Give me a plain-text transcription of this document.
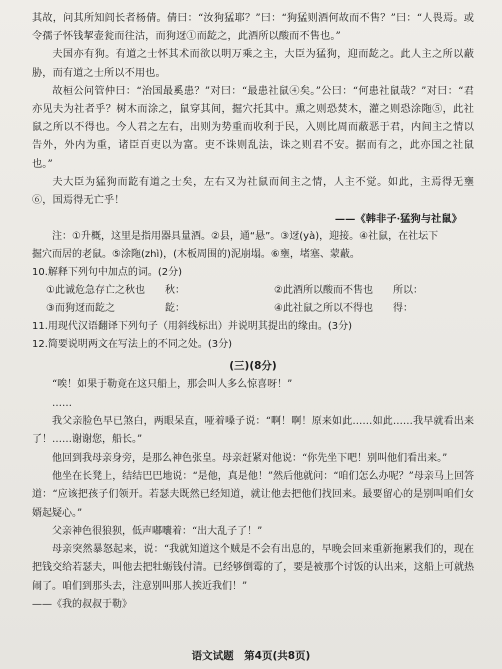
其故，问其所知闾长者杨倩。倩曰：“汝狗猛耶？”曰：“狗猛则酒何故而不售？”曰：“人畏焉。或令孺子怀钱挈壶瓮而往沽，而狗迓①而龁之，此酒所以酸而不售也。”

夫国亦有狗。有道之士怀其术而欲以明万乘之主，大臣为猛狗，迎而龁之。此人主之所以蔽胁，而有道之士所以不用也。

故桓公问管仲曰：“治国最奚患？”对曰：“最患社鼠④矣。”公曰：“何患社鼠哉？”对曰：“君亦见夫为社者乎？树木而涂之，鼠穿其间，掘穴托其中。熏之则恐焚木，灌之则恐涂陁⑤，此社鼠之所以不得也。今人君之左右，出则为势重而收利于民，入则比周而蔽恶于君，内间主之情以告外，外内为重，诸臣百吏以为富。吏不诛则乱法，诛之则君不安。据而有之，此亦国之社鼠也。”

夫大臣为猛狗而龁有道之士矣，左右又为社鼠而间主之情，人主不觉。如此，主焉得无壅⑥，国焉得无亡乎！

——《韩非子·猛狗与社鼠》

注：①升概，这里是指用器具量酒。②县，通“悬”。③迓(yà)，迎接。④社鼠，在社坛下

掘穴而居的老鼠。⑤涂陁(zhì)，(木板周围的)泥崩塌。⑥壅，堵塞、蒙蔽。

10.解释下列句中加点的词。(2分)

①此诚危急存亡之秋也　　秋：	②此酒所以酸而不售也　　所以：
③而狗迓而龁之　　　　　龁：	④此社鼠之所以不得也　　得：

11.用现代汉语翻译下列句子（用斜线标出）并说明其提出的缘由。(3分)

12.简要说明两文在写法上的不同之处。(3分)

(三)(8分)

“唉！如果于勒竟在这只船上，那会叫人多么惊喜呀！”

……

我父亲脸色早已煞白，两眼呆直，哑着嗓子说：“啊！啊！原来如此……如此……我早就看出来了！……谢谢您，船长。”

他回到我母亲身旁，是那么神色张皇。母亲赶紧对他说：“你先坐下吧！别叫他们看出来。”

他坐在长凳上，结结巴巴地说：“是他，真是他！”然后他就问：“咱们怎么办呢？”母亲马上回答道：“应该把孩子们领开。若瑟夫既然已经知道，就让他去把他们找回来。最要留心的是别叫咱们女婿起疑心。”

父亲神色很狼狈，低声嘟囔着：“出大乱子了！”

母亲突然暴怒起来，说：“我就知道这个贼是不会有出息的，早晚会回来重新拖累我们的，现在把钱交给若瑟夫，叫他去把牡蛎钱付清。已经够倒霉的了，要是被那个讨饭的认出来，这船上可就热闹了。咱们到那头去，注意别叫那人挨近我们！”

——《我的叔叔于勒》

语文试题　第4页(共8页)
